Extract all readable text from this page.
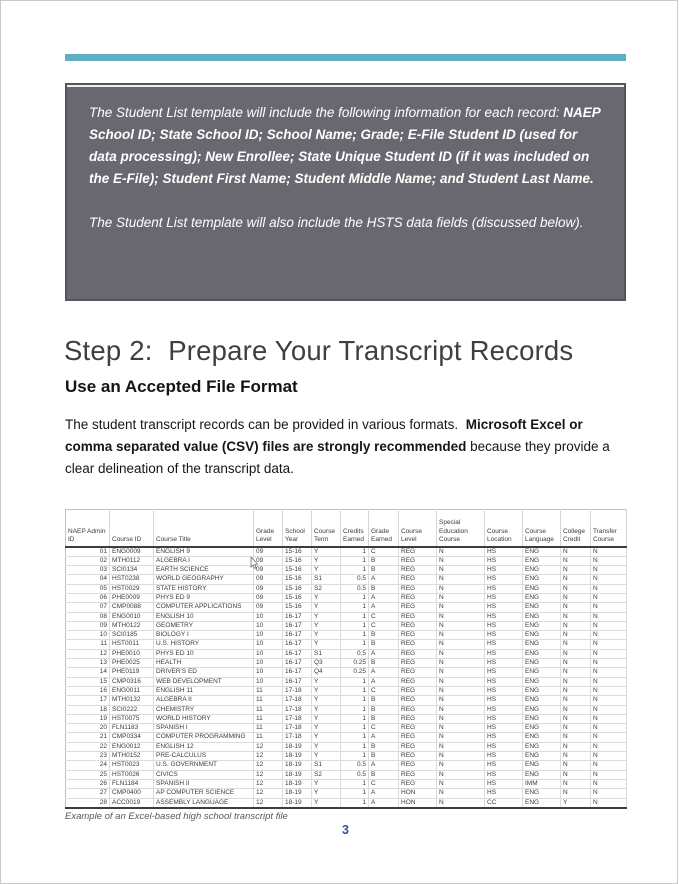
The Student List template will include the following information for each record: NAEP School ID; State School ID; School Name; Grade; E-File Student ID (used for data processing); New Enrollee; State Unique Student ID (if it was included on the E-File); Student First Name; Student Middle Name; and Student Last Name.

The Student List template will also include the HSTS data fields (discussed below).

Step 2:  Prepare Your Transcript Records
Use an Accepted File Format

The student transcript records can be provided in various formats.  Microsoft Excel or comma separated value (CSV) files are strongly recommended because they provide a clear delineation of the transcript data.

NAEP Admin ID	Course ID	Course Title	Grade Level	School Year	Course Term	Credits Earned	Grade Earned	Course Level	Special Education Course	Course Location	Course Language	College Credit	Transfer Course
01	ENG0009	ENGLISH 9	09	15-16	Y	1	C	REG	N	HS	ENG	N	N
02	MTH0112	ALGEBRA I	09	15-16	Y	1	B	REG	N	HS	ENG	N	N
03	SCI0134	EARTH SCIENCE	09	15-16	Y	1	B	REG	N	HS	ENG	N	N
04	HST0238	WORLD GEOGRAPHY	09	15-16	S1	0.5	A	REG	N	HS	ENG	N	N
05	HST0029	STATE HISTORY	09	15-16	S2	0.5	B	REG	N	HS	ENG	N	N
06	PHE0009	PHYS ED 9	09	15-16	Y	1	A	REG	N	HS	ENG	N	N
07	CMP0088	COMPUTER APPLICATIONS	09	15-16	Y	1	A	REG	N	HS	ENG	N	N
08	ENG0010	ENGLISH 10	10	16-17	Y	1	C	REG	N	HS	ENG	N	N
09	MTH0122	GEOMETRY	10	16-17	Y	1	C	REG	N	HS	ENG	N	N
10	SCI0185	BIOLOGY I	10	16-17	Y	1	B	REG	N	HS	ENG	N	N
11	HST0011	U.S. HISTORY	10	16-17	Y	1	B	REG	N	HS	ENG	N	N
12	PHE0010	PHYS ED 10	10	16-17	S1	0.5	A	REG	N	HS	ENG	N	N
13	PHE0025	HEALTH	10	16-17	Q3	0.25	B	REG	N	HS	ENG	N	N
14	PHE0119	DRIVER'S ED	10	16-17	Q4	0.25	A	REG	N	HS	ENG	N	N
15	CMP0316	WEB DEVELOPMENT	10	16-17	Y	1	A	REG	N	HS	ENG	N	N
16	ENG0011	ENGLISH 11	11	17-18	Y	1	C	REG	N	HS	ENG	N	N
17	MTH0132	ALGEBRA II	11	17-18	Y	1	B	REG	N	HS	ENG	N	N
18	SCI0222	CHEMISTRY	11	17-18	Y	1	B	REG	N	HS	ENG	N	N
19	HST0075	WORLD HISTORY	11	17-18	Y	1	B	REG	N	HS	ENG	N	N
20	FLN1183	SPANISH I	11	17-18	Y	1	C	REG	N	HS	ENG	N	N
21	CMP0334	COMPUTER PROGRAMMING	11	17-18	Y	1	A	REG	N	HS	ENG	N	N
22	ENG0012	ENGLISH 12	12	18-19	Y	1	B	REG	N	HS	ENG	N	N
23	MTH0152	PRE-CALCULUS	12	18-19	Y	1	B	REG	N	HS	ENG	N	N
24	HST0023	U.S. GOVERNMENT	12	18-19	S1	0.5	A	REG	N	HS	ENG	N	N
25	HST0026	CIVICS	12	18-19	S2	0.5	B	REG	N	HS	ENG	N	N
26	FLN1184	SPANISH II	12	18-19	Y	1	C	REG	N	HS	IMM	N	N
27	CMP0400	AP COMPUTER SCIENCE	12	18-19	Y	1	A	HON	N	HS	ENG	N	N
28	ACC0019	ASSEMBLY LANGUAGE	12	18-19	Y	1	A	HON	N	CC	ENG	Y	N

Example of an Excel-based high school transcript file

3
